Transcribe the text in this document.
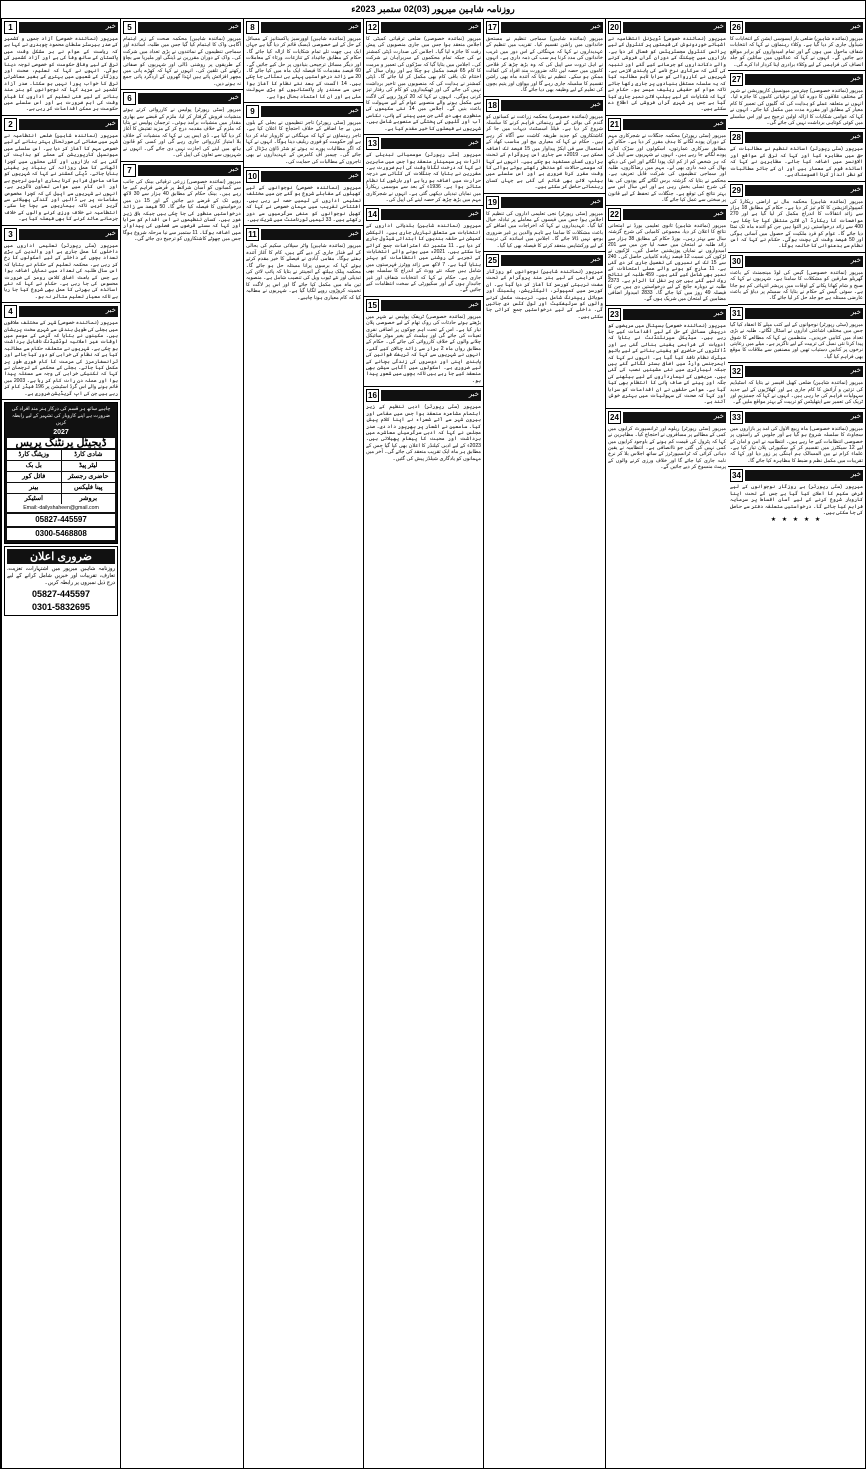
روزنامہ شاہین میرپور (03)02 ستمبر 2023ء
1	خبر
میرپور (نمائندہ خصوصی) آزاد جموں و کشمیر کے صدر بیرسٹر سلطان محمود چوہدری نے کہا ہے کہ ریاست کے عوام نے ہر مشکل وقت میں پاکستان کے ساتھ وفا کی ہے اور آزاد کشمیر کی ترقی کے لیے وفاقی حکومت کو خصوصی توجہ دینا ہوگی۔ انہوں نے کہا کہ تعلیم، صحت اور روزگار کے شعبوں میں بہتری کے بغیر معاشرتی ترقی کا خواب پورا نہیں ہو سکتا۔ صدر آزاد کشمیر نے مزید کہا کہ نوجوانوں کو ہنر مند بنانے کے لیے فنی تعلیم کے اداروں کا قیام وقت کی اہم ضرورت ہے اور اس سلسلے میں حکومت ہر ممکن اقدامات کر رہی ہے۔
2	خبر
میرپور (نمائندہ شاہین) ضلعی انتظامیہ نے شہر میں صفائی کی صورتحال بہتر بنانے کے لیے خصوصی مہم کا آغاز کر دیا ہے۔ اس سلسلے میں میونسپل کارپوریشن کے عملے کو ہدایت کی گئی ہے کہ بازاروں اور گلی محلوں میں کچرا اٹھانے کا عمل روزانہ کی بنیاد پر یقینی بنایا جائے۔ ڈپٹی کمشنر نے کہا کہ شہریوں کو صاف ماحول فراہم کرنا ہماری اولین ترجیح ہے اور اس کام میں عوامی تعاون ناگزیر ہے۔ انہوں نے شہریوں سے اپیل کی کہ کچرا مخصوص مقامات پر ہی ڈالیں اور گندگی پھیلانے سے گریز کریں تاکہ بیماریوں سے بچا جا سکے۔ انتظامیہ نے خلاف ورزی کرنے والوں کے خلاف جرمانے عائد کرنے کا بھی فیصلہ کیا ہے۔
3	خبر
میرپور (سٹی رپورٹر) تعلیمی اداروں میں داخلوں کا عمل جاری ہے اور والدین کی بڑی تعداد بچوں کے داخلے کے لیے اسکولوں کا رخ کر رہی ہے۔ محکمہ تعلیم کے حکام نے بتایا کہ اس سال طلبہ کی تعداد میں نمایاں اضافہ ہوا ہے جس کے باعث اضافی کلاس رومز کی ضرورت محسوس کی جا رہی ہے۔ حکام نے کہا کہ نئے اساتذہ کی بھرتی کا عمل بھی شروع کیا جا رہا ہے تاکہ معیار تعلیم متاثر نہ ہو۔
4	خبر
میرپور (نمائندہ خصوصی) شہر کے مختلف علاقوں میں بجلی کی طویل بندش سے شہری سخت پریشان ہیں۔ مکینوں نے بتایا کہ گرمی کے موسم میں اوقات غیر اعلانیہ لوڈشیڈنگ ناقابل برداشت ہو چکی ہے۔ شہریوں نے متعلقہ حکام سے مطالبہ کیا ہے کہ نظام کی خرابی کو دور کیا جائے اور ٹرانسفارمرز کی مرمت کا کام فوری طور پر مکمل کیا جائے۔ بجلی کے محکمے کے ترجمان نے کہا کہ تکنیکی خرابی کی وجہ سے مسئلہ پیدا ہوا اور عملہ دن رات کام کر رہا ہے۔ 2003 میں قائم ہونے والے اس گرڈ اسٹیشن پر 196 فیڈر کام کر رہے ہیں جن کی اپ گریڈیشن ضروری ہے۔
چاہیے ساتھ ہر قسم کی درکار ہنر مند افراد کی ضرورت ہے اپنے کاروبار کی تشہیر کے لیے رابطہ کریں
2027
ڈیجیٹل پرنٹنگ پریس
وزیٹنگ کارڈ	شادی کارڈ
بل بک	لیٹر پیڈ
فائل کور	حاضری رجسٹر
بینر	پینا فلیکس
اسٹیکر	بروشر
Email:-dailyshaheen@gmail.com
05827-445597
0300-5468808
ضروری اعلان
روزنامہ شاہین میرپور میں اشتہارات، تعزیت، تعارف، تقریبات اور خبریں شامل کرانے کے لیے درج ذیل نمبروں پر رابطہ کریں۔
05827-445597
0301-5832695
5	خبر
میرپور (نمائندہ شاہین) محکمہ صحت کے زیر اہتمام آگاہی واک کا اہتمام کیا گیا جس میں طلبہ، اساتذہ اور سماجی تنظیموں کے نمائندوں نے بڑی تعداد میں شرکت کی۔ واک کے دوران مقررین نے ڈینگی اور ملیریا سے بچاؤ کے طریقوں پر روشنی ڈالی اور شہریوں کو صفائی رکھنے کی تلقین کی۔ انہوں نے کہا کہ کھڑے پانی میں مچھر افزائش پاتے ہیں لہٰذا گھروں کے اردگرد پانی جمع نہ ہونے دیں۔
6	خبر
میرپور (سٹی رپورٹر) پولیس نے کارروائی کرتے ہوئے منشیات فروش گرفتار کر لیا، ملزم کے قبضے سے بھاری مقدار میں منشیات برآمد ہوئی۔ ترجمان پولیس نے بتایا کہ ملزم کے خلاف مقدمہ درج کر کے مزید تفتیش کا آغاز کر دیا گیا ہے۔ ڈی ایس پی نے کہا کہ منشیات کے خلاف بلا امتیاز کارروائی جاری رہے گی اور کسی کو قانون ہاتھ میں لینے کی اجازت نہیں دی جائے گی۔ انہوں نے شہریوں سے تعاون کی اپیل کی۔
7	خبر
میرپور (نمائندہ خصوصی) زرعی ترقیاتی بینک کی جانب سے کسانوں کو آسان شرائط پر قرضے فراہم کیے جا رہے ہیں۔ بینک حکام کے مطابق 40 ہزار سے 30 لاکھ روپے تک کے قرضے دیے جائیں گے اور 15 دن میں درخواستوں کا فیصلہ کیا جائے گا۔ 50 فیصد سے زائد درخواستیں منظور کی جا چکی ہیں جبکہ باقی زیر غور ہیں۔ کسان تنظیموں نے اس اقدام کو سراہا اور کہا کہ سستے قرضوں سے فصلوں کی پیداوار میں اضافہ ہوگا۔ 11 ستمبر سے نیا مرحلہ شروع ہوگا جس میں چھوٹے کاشتکاروں کو ترجیح دی جائے گی۔
8	خبر
میرپور (نمائندہ شاہین) اوورسیز پاکستانیز کے مسائل کے حل کے لیے خصوصی ڈیسک قائم کر دیا گیا ہے جہاں ایک ہی چھت تلے تمام شکایات کا ازالہ کیا جائے گا۔ حکام کے مطابق جائیداد کے تنازعات، ورثاء کے معاملات اور دیگر مسائل ترجیحی بنیادوں پر حل کیے جائیں گے۔ 60 فیصد مقدمات کا فیصلہ ایک ماہ میں کیا جائے گا۔ 20 سے زائد درخواستیں پہلے ہی نمٹائی جا چکی ہیں۔ 14 اگست کے بعد نئے نظام کا آغاز ہوا جس سے سمندر پار پاکستانیوں کو بڑی سہولت ملی ہے اور ان کا اعتماد بحال ہوا ہے۔
9	خبر
میرپور (سٹی رپورٹر) تاجر تنظیموں نے بجلی کے بلوں میں بے جا اضافے کے خلاف احتجاج کا اعلان کیا ہے۔ تاجر رہنماؤں نے کہا کہ مہنگائی نے کاروبار تباہ کر دیا ہے اور حکومت کو فوری ریلیف دینا ہوگا۔ انہوں نے کہا کہ اگر مطالبات پورے نہ ہوئے تو شٹر ڈاؤن ہڑتال کی جائے گی۔ چیمبر آف کامرس کے عہدیداروں نے بھی تاجروں کے مطالبات کی حمایت کی۔
10	خبر
میرپور (نمائندہ خصوصی) نوجوانوں کے لیے کھیلوں کے مقابلے شروع ہو گئے جن میں مختلف تعلیمی اداروں کی ٹیمیں حصہ لے رہی ہیں۔ افتتاحی تقریب میں مہمان خصوصی نے کہا کہ کھیل نوجوانوں کو منفی سرگرمیوں سے دور رکھتے ہیں۔ 33 ٹیمیں ٹورنامنٹ میں شریک ہیں۔
11	خبر
میرپور (نمائندہ شاہین) واٹر سپلائی سکیم کی بحالی کے لیے فنڈز جاری کر دیے گئے ہیں، کام کا آغاز آئندہ ہفتے ہوگا۔ مقامی آبادی نے فیصلے کا خیر مقدم کرتے ہوئے کہا کہ برسوں پرانا مسئلہ حل ہو جائے گا۔ محکمہ پبلک ہیلتھ کے انجینئر نے بتایا کہ پائپ لائن کی تبدیلی اور نئے ٹیوب ویل کی تنصیب شامل ہے۔ منصوبہ تین ماہ میں مکمل کیا جائے گا اور اس پر لاگت کا تخمینہ کروڑوں روپے لگایا گیا ہے۔ شہریوں نے مطالبہ کیا کہ کام معیاری ہونا چاہیے۔
12	خبر
میرپور (نمائندہ خصوصی) ضلعی ترقیاتی کمیٹی کا اجلاس منعقد ہوا جس میں جاری منصوبوں کی پیش رفت کا جائزہ لیا گیا۔ اجلاس کی صدارت ڈپٹی کمشنر نے کی جبکہ تمام محکموں کے سربراہان نے شرکت کی۔ اجلاس میں بتایا گیا کہ سڑکوں کی تعمیر و مرمت کا کام 65 فیصد مکمل ہو چکا ہے اور رواں سال کے اختتام تک باقی کام بھی مکمل کر لیا جائے گا۔ ڈپٹی کمشنر نے ہدایت کی کہ منصوبوں میں تاخیر برداشت نہیں کی جائے گی اور ٹھیکیداروں کو کام کی رفتار تیز کرنی ہوگی۔ انہوں نے کہا کہ 20 کروڑ روپے کی لاگت سے مکمل ہونے والے منصوبے عوام کے لیے سہولت کا باعث بنیں گے۔ اجلاس میں 14 نئی سکیموں کی منظوری بھی دی گئی جن میں پینے کے پانی، نکاسی آب اور گلیوں کی پختگی کے منصوبے شامل ہیں۔ شہریوں نے فیصلوں کا خیر مقدم کیا ہے۔
13	خبر
میرپور (سٹی رپورٹر) موسمیاتی تبدیلی کے اثرات پر سیمینار منعقد ہوا جس میں ماہرین نے کہا کہ درخت لگانا وقت کی اہم ضرورت ہے۔ مقررین نے بتایا کہ جنگلات کی کٹائی سے درجہ حرارت میں اضافہ ہو رہا ہے اور بارشوں کا نظام متاثر ہوا ہے۔ 1936ء کے بعد سے موسمی ریکارڈ میں نمایاں تبدیلی دیکھی گئی ہے۔ انہوں نے شجرکاری مہم میں بڑھ چڑھ کر حصہ لینے کی اپیل کی۔
14	خبر
میرپور (نمائندہ شاہین) بلدیاتی اداروں کے انتخابات سے متعلق تیاریاں جاری ہیں، الیکشن کمیشن نے حلقہ بندیوں کا ابتدائی شیڈول جاری کر دیا ہے۔ 11 ستمبر تک اعتراضات جمع کرائے جا سکتے ہیں۔ 2021ء میں ہونے والے انتخابات کے تجربے کی روشنی میں انتظامات کو بہتر بنایا گیا ہے۔ 7 لاکھ سے زائد ووٹرز فہرستوں میں شامل ہیں جبکہ نئے ووٹ کے اندراج کا سلسلہ بھی جاری ہے۔ حکام نے کہا کہ انتخابات شفاف اور غیر جانبدار ہوں گے اور سکیورٹی کے سخت انتظامات کیے جائیں گے۔
15	خبر
میرپور (نمائندہ خصوصی) ٹریفک پولیس نے شہر میں بڑھتے ہوئے حادثات کی روک تھام کے لیے خصوصی پلان تیار کیا ہے۔ اس کے تحت اہم چوکوں پر اضافی نفری تعینات کی جائے گی اور ہیلمٹ کے بغیر موٹر سائیکل چلانے والوں کے خلاف کارروائی کی جائے گی۔ حکام کے مطابق رواں ماہ 2 ہزار سے زائد چالان کیے گئے۔ انہوں نے شہریوں سے کہا کہ ٹریفک قوانین کی پابندی اپنی اور دوسروں کی زندگی بچانے کے لیے ضروری ہے۔ اسکولوں میں آگاہی سیشن بھی منعقد کیے جا رہے ہیں تاکہ بچوں میں شعور پیدا ہو۔
16	خبر
میرپور (سٹی رپورٹر) ادبی تنظیم کے زیر اہتمام مشاعرہ منعقد ہوا جس میں مقامی اور بیرون شہر سے آئے شعراء نے اپنا کلام پیش کیا۔ سامعین نے اشعار پر بھرپور داد دی۔ صدر مجلس نے کہا کہ ادبی سرگرمیاں معاشرے میں برداشت اور محبت کا پیغام پھیلاتی ہیں۔ 2023ء کے لیے ادبی کیلنڈر کا اعلان بھی کیا گیا جس کے مطابق ہر ماہ ایک تقریب منعقد کی جائے گی۔ آخر میں مہمانوں کو یادگاری شیلڈز پیش کی گئیں۔
17	خبر
میرپور (نمائندہ شاہین) سماجی تنظیم نے مستحق خاندانوں میں راشن تقسیم کیا۔ تقریب میں تنظیم کے عہدیداروں نے کہا کہ مہنگائی کے اس دور میں غریب خاندانوں کی مدد کرنا ہم سب کی ذمہ داری ہے۔ انہوں نے اہل ثروت سے اپیل کی کہ وہ بڑھ چڑھ کر فلاحی کاموں میں حصہ لیں تاکہ ضرورت مند افراد کی کفالت ممکن ہو سکے۔ تنظیم نے بتایا کہ آئندہ ماہ بھی راشن تقسیم کا سلسلہ جاری رہے گا اور بیواؤں اور یتیم بچوں کی تعلیم کے لیے وظیفہ بھی دیا جائے گا۔
18	خبر
میرپور (نمائندہ خصوصی) محکمہ زراعت نے کسانوں کو گندم کی بوائی کے لیے رہنمائی فراہم کرنے کا سلسلہ شروع کر دیا ہے۔ فیلڈ اسسٹنٹ دیہات میں جا کر کاشتکاروں کو جدید طریقہ کاشت سے آگاہ کر رہے ہیں۔ حکام نے کہا کہ معیاری بیج اور مناسب کھاد کے استعمال سے فی ایکڑ پیداوار میں 15 فیصد تک اضافہ ممکن ہے۔ 2019ء سے جاری اس پروگرام کے تحت ہزاروں کسان مستفید ہو چکے ہیں۔ انہوں نے کہا کہ موسمی حالات کو مدنظر رکھتے ہوئے بوائی کا وقت مقرر کرنا ضروری ہے اور اس سلسلے میں ہیلپ لائن بھی قائم کی گئی ہے جہاں کسان رہنمائی حاصل کر سکتے ہیں۔
19	خبر
میرپور (سٹی رپورٹر) نجی تعلیمی اداروں کی تنظیم کا اجلاس ہوا جس میں فیسوں کے معاملے پر تبادلہ خیال کیا گیا۔ عہدیداروں نے کہا کہ اخراجات میں اضافے کے باعث مشکلات کا سامنا ہے تاہم والدین پر غیر ضروری بوجھ نہیں ڈالا جائے گا۔ اجلاس میں اساتذہ کی تربیت کے لیے ورکشاپس منعقد کرنے کا فیصلہ بھی کیا گیا۔
25	خبر
میرپور (نمائندہ شاہین) نوجوانوں کو روزگار کی فراہمی کے لیے ہنر مند پروگرام کے تحت مفت تربیتی کورسز کا آغاز کر دیا گیا ہے۔ ان کورسز میں کمپیوٹر، الیکٹریشن، پلمبنگ اور موبائل ریپئرنگ شامل ہیں۔ تربیت مکمل کرنے والوں کو سرٹیفکیٹ اور ٹول کٹس دی جائیں گی۔ داخلے کے لیے درخواستیں جمع کرائی جا سکتی ہیں۔
20	خبر
میرپور (نمائندہ خصوصی) ڈویژنل انتظامیہ نے اشیائے خوردونوش کی قیمتوں پر کنٹرول کے لیے پرائس کنٹرول مجسٹریٹس کو فعال کر دیا ہے۔ بازاروں میں چیکنگ کے دوران گراں فروشی کرنے والے دکانداروں کو جرمانے کیے گئے اور تنبیہ کی گئی کہ سرکاری نرخ نامے کی پابندی لازمی ہے۔ شہریوں نے کارروائی کو سراہا تاہم مطالبہ کیا کہ یہ سلسلہ مستقل بنیادوں پر جاری رکھا جائے تاکہ عوام کو حقیقی ریلیف میسر ہو۔ حکام نے کہا کہ شکایات کے لیے ہیلپ لائن نمبر جاری کیا گیا ہے جس پر شہری گراں فروشی کی اطلاع دے سکتے ہیں۔
21	خبر
میرپور (سٹی رپورٹر) محکمہ جنگلات نے شجرکاری مہم کے دوران پودے لگانے کا ہدف مقرر کر دیا ہے۔ حکام کے مطابق سرکاری عمارتوں، اسکولوں اور سڑک کنارے پودے لگائے جا رہے ہیں۔ انہوں نے شہریوں سے اپیل کی کہ ہر شخص کم از کم ایک پودا لگائے اور اس کی دیکھ بھال کی ذمہ داری بھی لے۔ مہم میں رضاکاروں، طلبہ اور سماجی تنظیموں کی شرکت قابل تعریف ہے۔ محکمے نے بتایا کہ گزشتہ برس لگائے گئے پودوں کی بقا کی شرح تسلی بخش رہی ہے اور اس سال اس سے بہتر نتائج کی توقع ہے۔ جنگلات کے تحفظ کے لیے قانون پر سختی سے عمل کیا جائے گا۔
22	خبر
میرپور (نمائندہ شاہین) ثانوی تعلیمی بورڈ نے امتحانی نتائج کا اعلان کر دیا، مجموعی کامیابی کی شرح گزشتہ سال سے بہتر رہی۔ بورڈ حکام کے مطابق 38 ہزار سے زائد طلبہ نے امتحان میں حصہ لیا جن میں سے 201 امیدواروں نے نمایاں پوزیشنیں حاصل کیں۔ لڑکیوں نے لڑکوں کی نسبت 12 فیصد زیادہ کامیابی حاصل کی۔ 240 سے 15 تک کے نمبروں کی تفصیل جاری کر دی گئی ہے۔ 11 مارچ کو ہونے والے عملی امتحانات کے نمبر بھی شامل کیے گئے ہیں۔ 459 طلبہ کے نتائج روک لیے گئے ہیں جن پر نقل کا الزام ہے۔ 2373 طلبہ نے دوبارہ جانچ کے لیے درخواستیں دی ہیں جن کا فیصلہ 49 روز میں کیا جائے گا۔ 2833 امیدوار اضافی مضامین کے امتحان میں شریک ہوں گے۔
23	خبر
میرپور (نمائندہ خصوصی) ہسپتال میں مریضوں کو درپیش مسائل کے حل کے لیے اقدامات کیے جا رہے ہیں۔ میڈیکل سپرنٹنڈنٹ نے بتایا کہ ادویات کی فراہمی یقینی بنائی گئی ہے اور ڈاکٹروں کی حاضری کو یقینی بنانے کے لیے بائیو میٹرک نظام نافذ کیا گیا ہے۔ انہوں نے کہا کہ ایمرجنسی وارڈ میں اضافی بستر لگائے گئے ہیں جبکہ لیبارٹری میں نئی مشینیں نصب کی گئی ہیں۔ مریضوں کے تیمارداروں کے لیے بیٹھنے کی جگہ اور پینے کے صاف پانی کا انتظام بھی کیا گیا ہے۔ عوامی حلقوں نے ان اقدامات کو سراہا اور کہا کہ صحت کی سہولیات میں بہتری خوش آئند ہے۔
24	خبر
میرپور (سٹی رپورٹر) ریلوے اور ٹرانسپورٹ کرایوں میں کمی کے مطالبے پر مسافروں نے احتجاج کیا۔ مظاہرین نے کہا کہ پٹرول کی قیمت کم ہونے کے باوجود کرایوں میں کمی نہیں کی گئی جو ناانصافی ہے۔ انتظامیہ نے یقین دہانی کرائی کہ ٹرانسپورٹرز کے ساتھ اجلاس بلا کر نرخ نامہ جاری کیا جائے گا اور خلاف ورزی کرنے والوں کے پرمٹ منسوخ کر دیے جائیں گے۔
26	خبر
میرپور (نمائندہ شاہین) ضلعی بار ایسوسی ایشن کے انتخابات کا شیڈول جاری کر دیا گیا ہے۔ وکلاء رہنماؤں نے کہا کہ انتخابات شفاف ماحول میں ہوں گے اور تمام امیدواروں کو برابر مواقع دیے جائیں گے۔ انہوں نے کہا کہ عدالتوں میں سائلین کو جلد انصاف کی فراہمی کے لیے وکلاء برادری اپنا کردار ادا کرے گی۔
27	خبر
میرپور (نمائندہ خصوصی) چیئرمین میونسپل کارپوریشن نے شہر کے مختلف علاقوں کا دورہ کیا اور ترقیاتی کاموں کا جائزہ لیا۔ انہوں نے متعلقہ عملے کو ہدایت کی کہ گلیوں کی تعمیر کا کام معیار کے مطابق اور مقررہ مدت میں مکمل کیا جائے۔ انہوں نے کہا کہ عوامی شکایات کا ازالہ اولین ترجیح ہے اور اس سلسلے میں کوئی کوتاہی برداشت نہیں کی جائے گی۔
28	خبر
میرپور (سٹی رپورٹر) اساتذہ تنظیم نے مطالبات کے حق میں مظاہرہ کیا اور کہا کہ ترقی کے مواقع اور الاؤنسز میں اضافہ کیا جائے۔ مظاہرین نے کہا کہ اساتذہ قوم کے معمار ہیں اور ان کے جائز مطالبات کو نظر انداز کرنا افسوسناک ہے۔
29	خبر
میرپور (نمائندہ شاہین) محکمہ مال نے اراضی ریکارڈ کی کمپیوٹرائزیشن کا کام تیز کر دیا ہے۔ حکام کے مطابق 18 ہزار سے زائد انتقالات کا اندراج مکمل کر لیا گیا ہے اور 270 مواضعات کا ریکارڈ آن لائن منتقل کیا جا چکا ہے۔ 400 سے زائد درخواستیں زیر التوا ہیں جن کو آئندہ ماہ تک نمٹا دیا جائے گا۔ عوام کو فرد ملکیت کے حصول میں آسانی ہوگی اور 50 فیصد وقت کی بچت ہوگی۔ حکام نے کہا کہ اس نظام سے بدعنوانی کا خاتمہ ہوگا۔
30	خبر
میرپور (نمائندہ خصوصی) گیس کی لوڈ مینجمنٹ کے باعث گھریلو صارفین کو مشکلات کا سامنا ہے۔ شہریوں نے کہا کہ صبح و شام کھانا پکانے کے اوقات میں پریشر انتہائی کم ہو جاتا ہے۔ سوئی گیس کے حکام نے بتایا کہ سسٹم پر دباؤ کے باعث عارضی مسئلہ ہے جو جلد حل کر لیا جائے گا۔
31	خبر
میرپور (سٹی رپورٹر) نوجوانوں کے لیے کتب میلے کا انعقاد کیا گیا جس میں مختلف اشاعتی اداروں نے اسٹال لگائے۔ طلبہ نے بڑی تعداد میں کتابیں خریدیں۔ منتظمین نے کہا کہ مطالعے کا شوق پیدا کرنا نئی نسل کی تربیت کے لیے ناگزیر ہے۔ میلے میں رعایتی نرخوں پر کتابیں دستیاب تھیں اور مصنفین سے ملاقات کا موقع بھی فراہم کیا گیا۔
32	خبر
میرپور (نمائندہ شاہین) ضلعی کھیل آفیسر نے بتایا کہ اسٹیڈیم کی تزئین و آرائش کا کام جاری ہے اور کھلاڑیوں کے لیے جدید سہولیات فراہم کی جا رہی ہیں۔ انہوں نے کہا کہ جمنیزیم اور ٹریک کی تعمیر سے ایتھلیٹس کو تربیت کے بہتر مواقع ملیں گے۔
33	خبر
میرپور (نمائندہ خصوصی) ماہ ربیع الاول کی آمد پر بازاروں میں سجاوٹ کا سلسلہ شروع ہو گیا ہے اور جلوس کے راستوں پر خصوصی انتظامات کیے جا رہے ہیں۔ انتظامیہ نے امن و امان کے لیے 12 سیکٹرز میں تقسیم کر کے سکیورٹی پلان تیار کیا ہے۔ علماء کرام نے بین المسالک ہم آہنگی پر زور دیا اور کہا کہ تقریبات میں مکمل نظم و ضبط کا مظاہرہ کیا جائے گا۔
34	خبر
میرپور (سٹی رپورٹر) بے روزگار نوجوانوں کے لیے قرض سکیم کا اعلان کیا گیا ہے جس کے تحت اپنا کاروبار شروع کرنے کے لیے آسان اقساط پر سرمایہ فراہم کیا جائے گا۔ درخواستیں متعلقہ دفتر سے حاصل کی جا سکتی ہیں۔
★ ★ ★ ★ ★
